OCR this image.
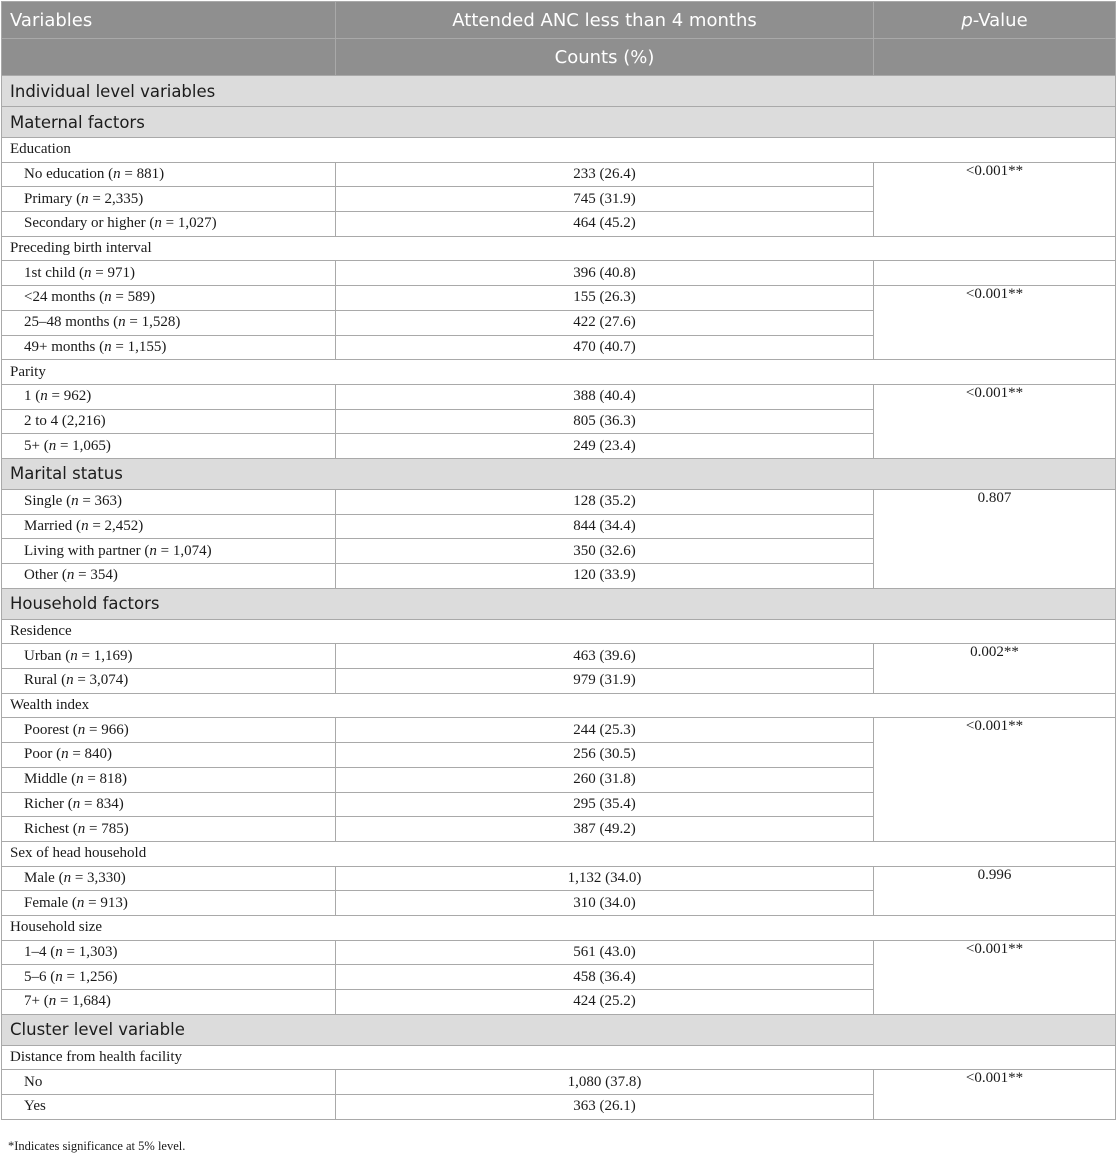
Variables	Attended ANC less than 4 months	p-Value
	Counts (%)	
Individual level variables		
Maternal factors		
Education		
No education (n = 881)	233 (26.4)	<0.001**
Primary (n = 2,335)	745 (31.9)	
Secondary or higher (n = 1,027)	464 (45.2)	
Preceding birth interval		
1st child (n = 971)	396 (40.8)	
<24 months (n = 589)	155 (26.3)	<0.001**
25–48 months (n = 1,528)	422 (27.6)	
49+ months (n = 1,155)	470 (40.7)	
Parity		
1 (n = 962)	388 (40.4)	<0.001**
2 to 4 (2,216)	805 (36.3)	
5+ (n = 1,065)	249 (23.4)	
Marital status		
Single (n = 363)	128 (35.2)	0.807
Married (n = 2,452)	844 (34.4)	
Living with partner (n = 1,074)	350 (32.6)	
Other (n = 354)	120 (33.9)	
Household factors		
Residence		
Urban (n = 1,169)	463 (39.6)	0.002**
Rural (n = 3,074)	979 (31.9)	
Wealth index		
Poorest (n = 966)	244 (25.3)	<0.001**
Poor (n = 840)	256 (30.5)	
Middle (n = 818)	260 (31.8)	
Richer (n = 834)	295 (35.4)	
Richest (n = 785)	387 (49.2)	
Sex of head household		
Male (n = 3,330)	1,132 (34.0)	0.996
Female (n = 913)	310 (34.0)	
Household size		
1–4 (n = 1,303)	561 (43.0)	<0.001**
5–6 (n = 1,256)	458 (36.4)	
7+ (n = 1,684)	424 (25.2)	
Cluster level variable		
Distance from health facility		
No	1,080 (37.8)	<0.001**
Yes	363 (26.1)	
*Indicates significance at 5% level.
